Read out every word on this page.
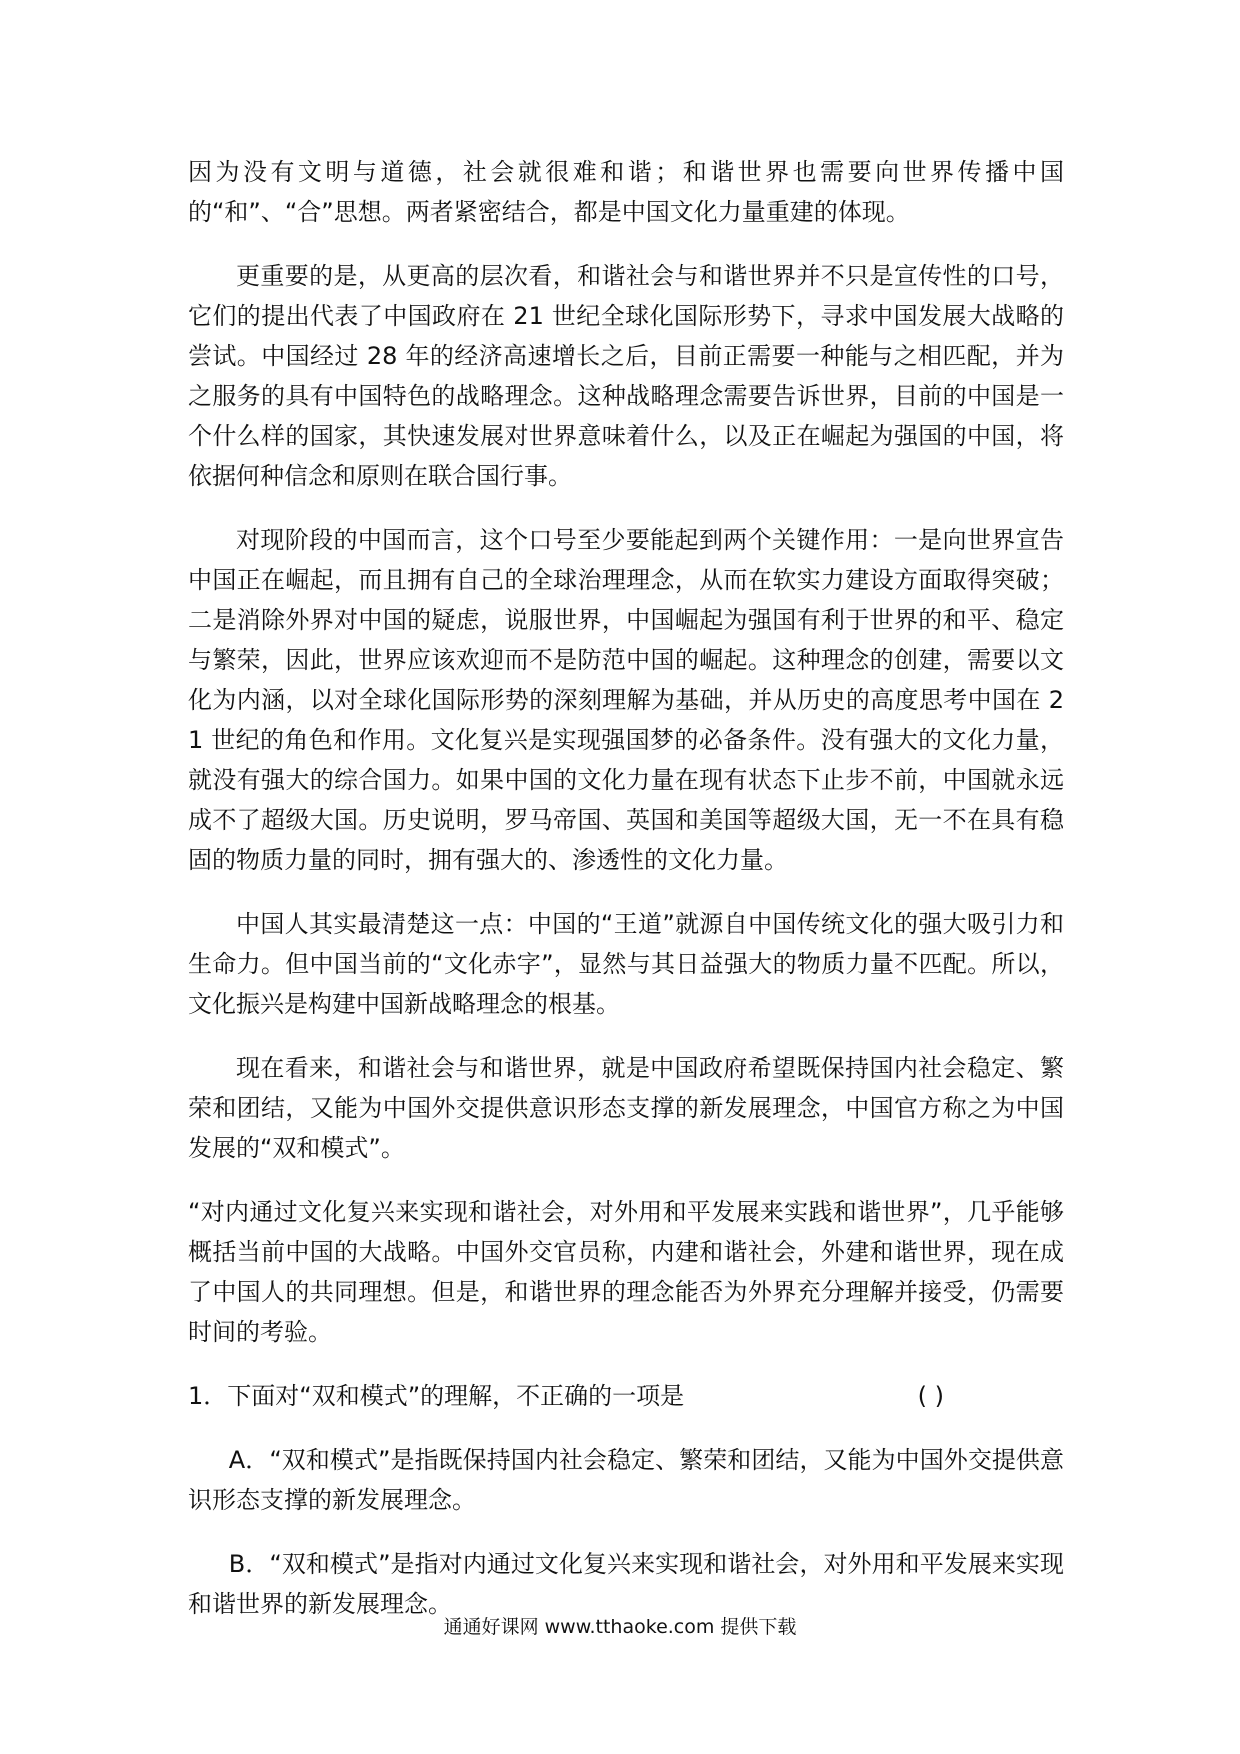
因为没有文明与道德，社会就很难和谐；和谐世界也需要向世界传播中国的“和”、“合”思想。两者紧密结合，都是中国文化力量重建的体现。

更重要的是，从更高的层次看，和谐社会与和谐世界并不只是宣传性的口号，它们的提出代表了中国政府在 21 世纪全球化国际形势下，寻求中国发展大战略的尝试。中国经过 28 年的经济高速增长之后，目前正需要一种能与之相匹配，并为之服务的具有中国特色的战略理念。这种战略理念需要告诉世界，目前的中国是一个什么样的国家，其快速发展对世界意味着什么，以及正在崛起为强国的中国，将依据何种信念和原则在联合国行事。

对现阶段的中国而言，这个口号至少要能起到两个关键作用：一是向世界宣告中国正在崛起，而且拥有自己的全球治理理念，从而在软实力建设方面取得突破；二是消除外界对中国的疑虑，说服世界，中国崛起为强国有利于世界的和平、稳定与繁荣，因此，世界应该欢迎而不是防范中国的崛起。这种理念的创建，需要以文化为内涵，以对全球化国际形势的深刻理解为基础，并从历史的高度思考中国在 21 世纪的角色和作用。文化复兴是实现强国梦的必备条件。没有强大的文化力量，就没有强大的综合国力。如果中国的文化力量在现有状态下止步不前，中国就永远成不了超级大国。历史说明，罗马帝国、英国和美国等超级大国，无一不在具有稳固的物质力量的同时，拥有强大的、渗透性的文化力量。

中国人其实最清楚这一点：中国的“王道”就源自中国传统文化的强大吸引力和生命力。但中国当前的“文化赤字”，显然与其日益强大的物质力量不匹配。所以，文化振兴是构建中国新战略理念的根基。

现在看来，和谐社会与和谐世界，就是中国政府希望既保持国内社会稳定、繁荣和团结，又能为中国外交提供意识形态支撑的新发展理念，中国官方称之为中国发展的“双和模式”。

“对内通过文化复兴来实现和谐社会，对外用和平发展来实践和谐世界”，几乎能够概括当前中国的大战略。中国外交官员称，内建和谐社会，外建和谐世界，现在成了中国人的共同理想。但是，和谐世界的理念能否为外界充分理解并接受，仍需要时间的考验。

1．下面对“双和模式”的理解，不正确的一项是	( )

A．“双和模式”是指既保持国内社会稳定、繁荣和团结，又能为中国外交提供意识形态支撑的新发展理念。

B．“双和模式”是指对内通过文化复兴来实现和谐社会，对外用和平发展来实现和谐世界的新发展理念。

通通好课网 www.tthaoke.com 提供下载
